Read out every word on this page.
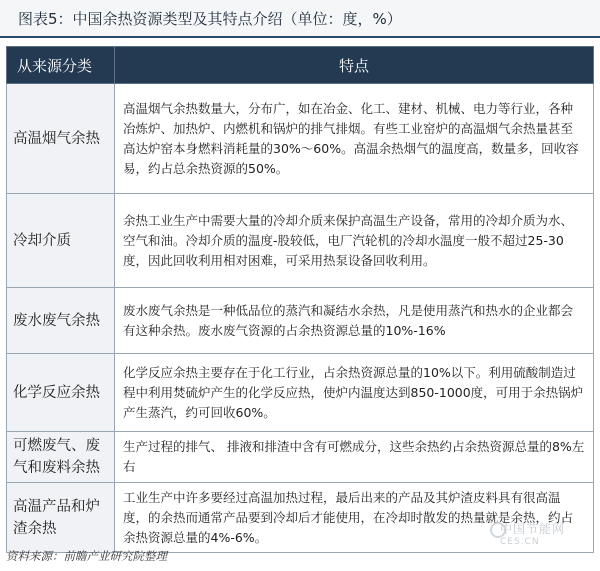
图表5：中国余热资源类型及其特点介绍（单位：度，%）
从来源分类	特点
高温烟气余热	高温烟气余热数量大，分布广，如在冶金、化工、建材、机械、电力等行业，各种冶炼炉、加热炉、内燃机和锅炉的排气排烟。有些工业窑炉的高温烟气余热量甚至高达炉窑本身燃料消耗量的30%～60%。高温余热烟气的温度高，数量多，回收容易，约占总余热资源的50%。
冷却介质	余热工业生产中需要大量的冷却介质来保护高温生产设备，常用的冷却介质为水、空气和油。冷却介质的温度-股较低，电厂汽轮机的冷却水温度一般不超过25-30度，因此回收利用相对困难，可采用热泵设备回收利用。
废水废气余热	废水废气余热是一种低品位的蒸汽和凝结水余热，凡是使用蒸汽和热水的企业都会有这种余热。废水废气资源的占余热资源总量的10%-16%
化学反应余热	化学反应余热主要存在于化工行业，占余热资源总量的10%以下。利用硫酸制造过程中利用焚硫炉产生的化学反应热，使炉内温度达到850-1000度，可用于余热锅炉产生蒸汽，约可回收60%。
可燃废气、废气和废料余热	生产过程的排气、 排液和排渣中含有可燃成分，这些余热约占余热资源总量的8%左右
高温产品和炉渣余热	工业生产中许多要经过高温加热过程，最后出来的产品及其炉渣皮料具有很高温度，的余热而通常产品要到冷却后才能使用，在冷却时散发的热量就是余热，约占余热资源总量的4%-6%。
资料来源：前瞻产业研究院整理
中国节能网
CES.CN
